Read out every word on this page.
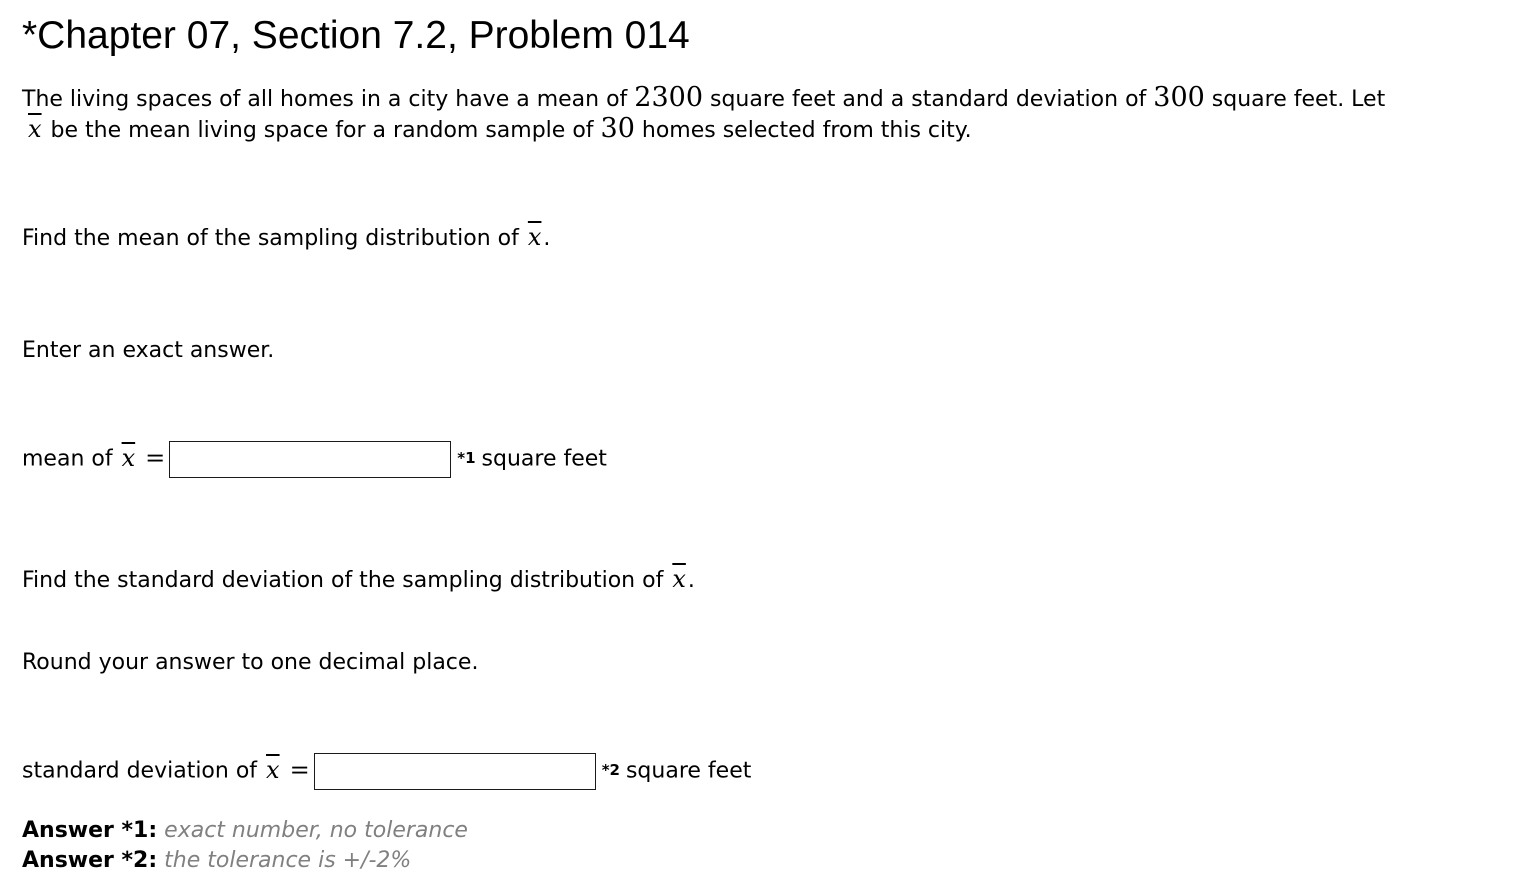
*Chapter 07, Section 7.2, Problem 014
The living spaces of all homes in a city have a mean of 2300 square feet and a standard deviation of 300 square feet. Let
$\overline{x}$ be the mean living space for a random sample of 30 homes selected from this city.
Find the mean of the sampling distribution of $\overline{x}$.
Enter an exact answer.
mean of $\overline{x}$ =	*1 square feet
Find the standard deviation of the sampling distribution of $\overline{x}$.
Round your answer to one decimal place.
standard deviation of $\overline{x}$ =	*2 square feet
Answer *1: exact number, no tolerance
Answer *2: the tolerance is +/-2%
